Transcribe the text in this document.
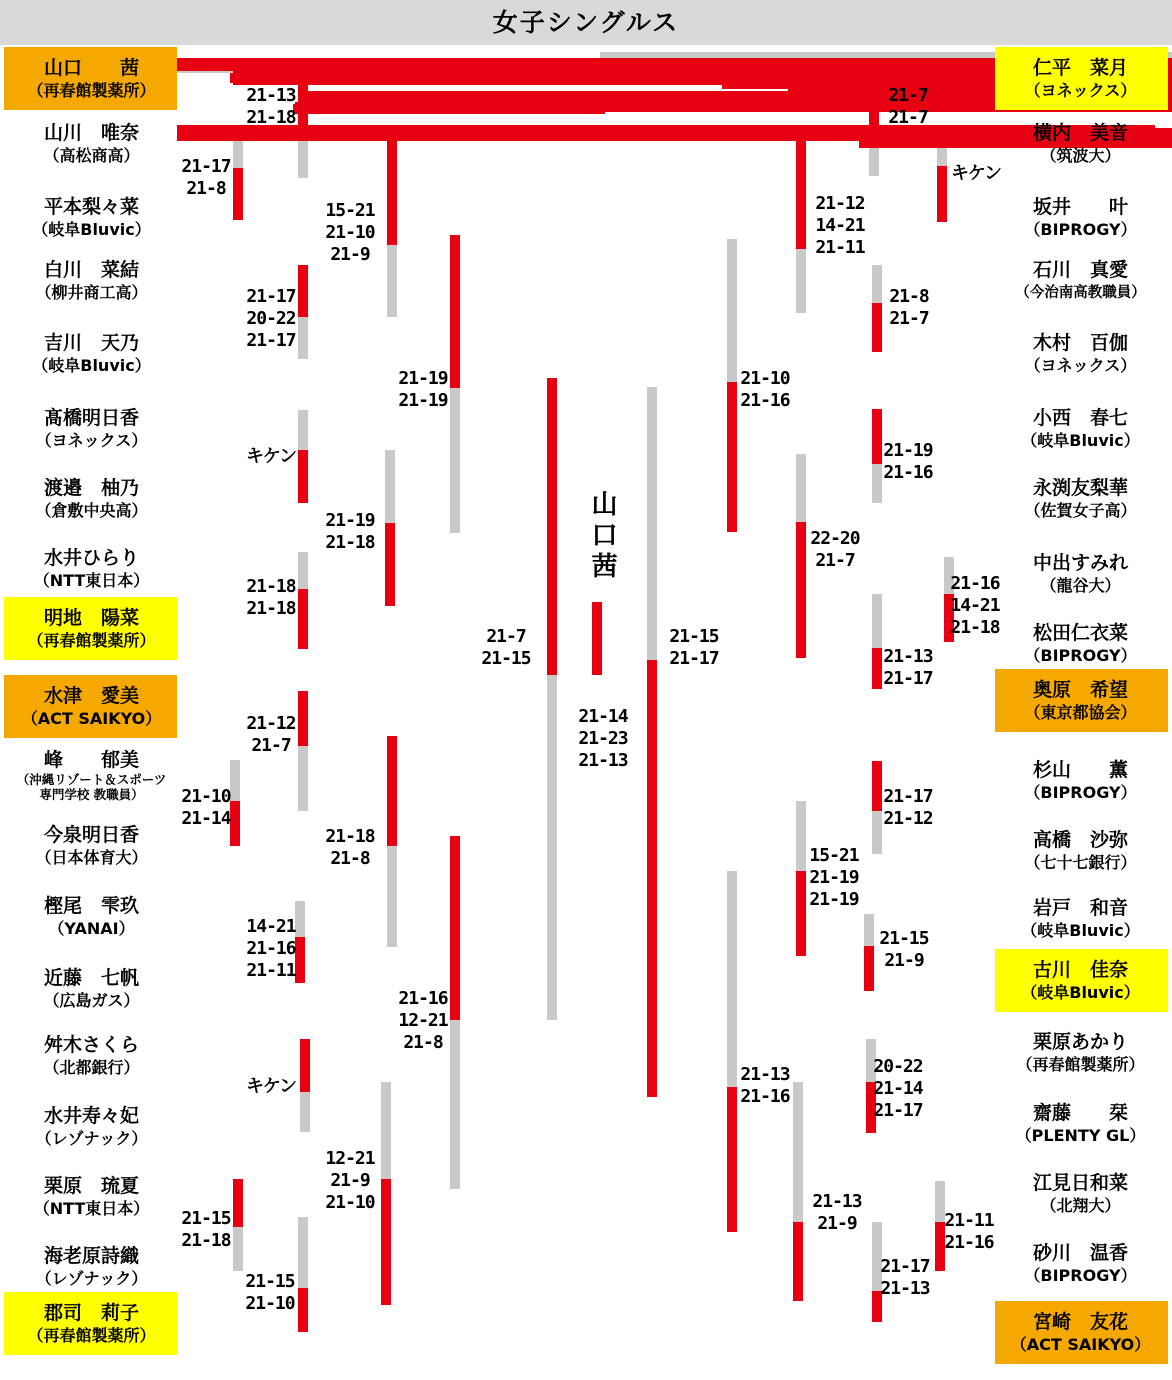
女子シングルス
山口　　茜
（再春館製薬所）
山川　唯奈
（高松商高）
平本梨々菜
（岐阜Bluvic）
白川　菜結
（柳井商工高）
吉川　天乃
（岐阜Bluvic）
髙橋明日香
（ヨネックス）
渡邉　柚乃
（倉敷中央高）
水井ひらり
（NTT東日本）
明地　陽菜
（再春館製薬所）
水津　愛美
（ACT SAIKYO）
峰　　郁美
（沖縄リゾート＆スポーツ
専門学校 教職員）
今泉明日香
（日本体育大）
樫尾　雫玖
（YANAI）
近藤　七帆
（広島ガス）
舛木さくら
（北都銀行）
水井寿々妃
（レゾナック）
栗原　琉夏
（NTT東日本）
海老原詩織
（レゾナック）
郡司　莉子
（再春館製薬所）
仁平　菜月
（ヨネックス）
横内　美音
（筑波大）
坂井　　叶
（BIPROGY）
石川　真愛
（今治南高教職員）
木村　百伽
（ヨネックス）
小西　春七
（岐阜Bluvic）
永渕友梨華
（佐賀女子高）
中出すみれ
（龍谷大）
松田仁衣菜
（BIPROGY）
奥原　希望
（東京都協会）
杉山　　薫
（BIPROGY）
高橋　沙弥
（七十七銀行）
岩戸　和音
（岐阜Bluvic）
古川　佳奈
（岐阜Bluvic）
栗原あかり
（再春館製薬所）
齋藤　　栞
（PLENTY GL）
江見日和菜
（北翔大）
砂川　温香
（BIPROGY）
宮崎　友花
（ACT SAIKYO）
21-13
21-18
21-17
21-8
15-21
21-10
21-9
21-17
20-22
21-17
21-19
21-19
キケン
21-19
21-18
21-18
21-18
21-7
21-15
21-12
21-7
21-10
21-14
21-18
21-8
14-21
21-16
21-11
21-16
12-21
21-8
キケン
12-21
21-9
21-10
21-15
21-18
21-15
21-10
21-14
21-23
21-13
21-15
21-17
21-7
21-7
キケン
21-12
14-21
21-11
21-8
21-7
21-10
21-16
21-19
21-16
22-20
21-7
21-16
14-21
21-18
21-13
21-17
21-17
21-12
15-21
21-19
21-19
21-15
21-9
20-22
21-14
21-17
21-13
21-9	21-11
21-16
21-17
21-13
21-13
21-16
山口茜
